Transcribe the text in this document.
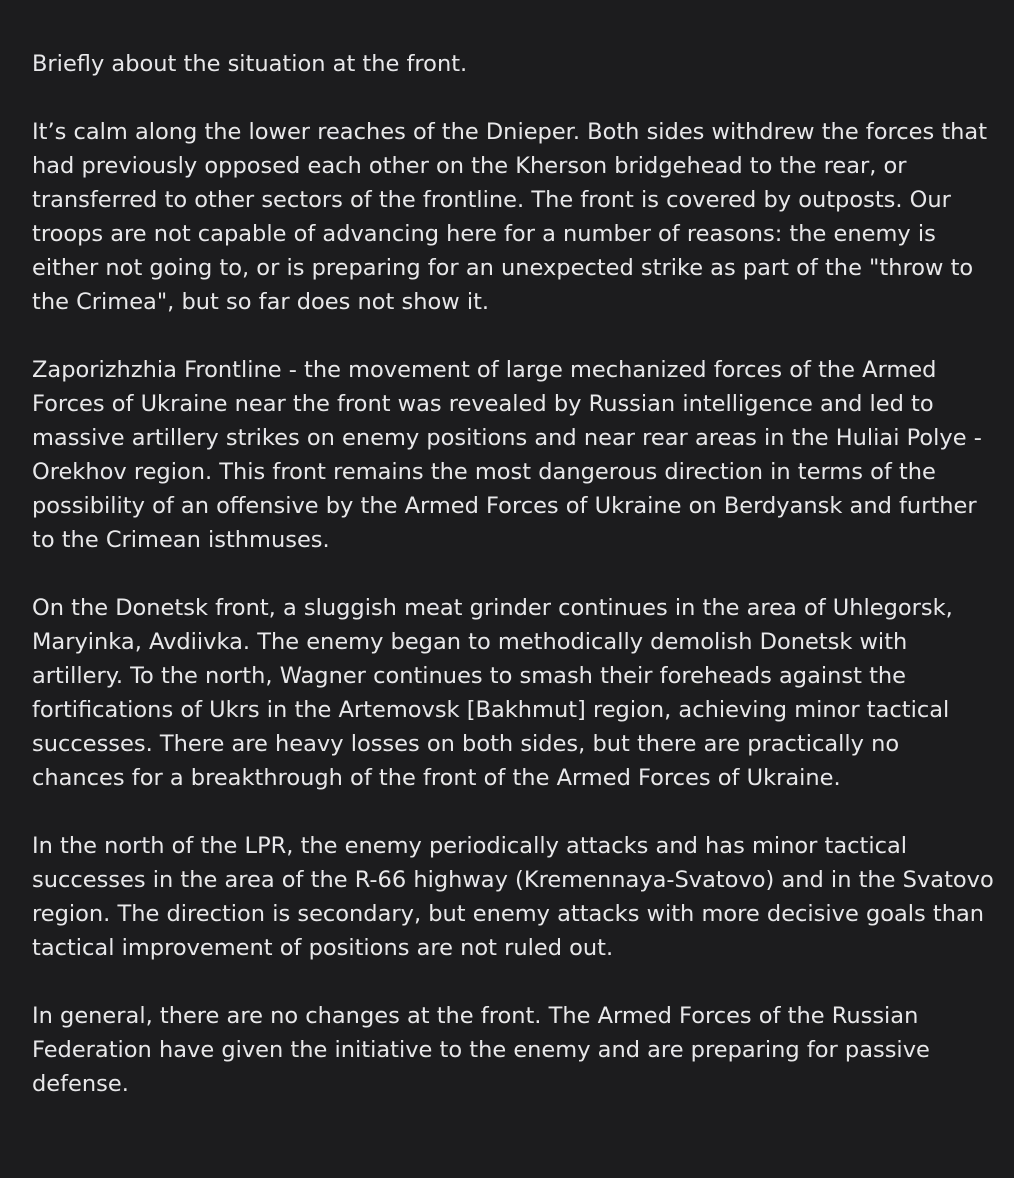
Briefly about the situation at the front.

It’s calm along the lower reaches of the Dnieper. Both sides withdrew the forces that had previously opposed each other on the Kherson bridgehead to the rear, or transferred to other sectors of the frontline. The front is covered by outposts. Our troops are not capable of advancing here for a number of reasons: the enemy is either not going to, or is preparing for an unexpected strike as part of the "throw to the Crimea", but so far does not show it.

Zaporizhzhia Frontline - the movement of large mechanized forces of the Armed Forces of Ukraine near the front was revealed by Russian intelligence and led to massive artillery strikes on enemy positions and near rear areas in the Huliai Polye - Orekhov region. This front remains the most dangerous direction in terms of the possibility of an offensive by the Armed Forces of Ukraine on Berdyansk and further to the Crimean isthmuses.

On the Donetsk front, a sluggish meat grinder continues in the area of Uhlegorsk, Maryinka, Avdiivka. The enemy began to methodically demolish Donetsk with artillery. To the north, Wagner continues to smash their foreheads against the fortifications of Ukrs in the Artemovsk [Bakhmut] region, achieving minor tactical successes. There are heavy losses on both sides, but there are practically no chances for a breakthrough of the front of the Armed Forces of Ukraine.

In the north of the LPR, the enemy periodically attacks and has minor tactical successes in the area of the R-66 highway (Kremennaya-Svatovo) and in the Svatovo region. The direction is secondary, but enemy attacks with more decisive goals than tactical improvement of positions are not ruled out.

In general, there are no changes at the front. The Armed Forces of the Russian Federation have given the initiative to the enemy and are preparing for passive defense.
